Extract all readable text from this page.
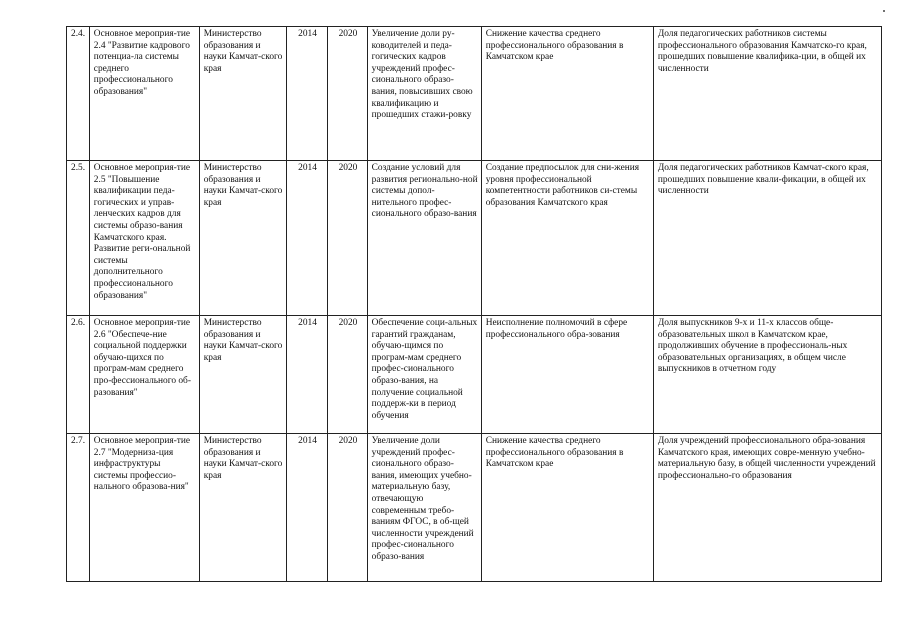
2.4.	Основное мероприя-тие 2.4 "Развитие кадрового потенциа-ла системы среднего профессионального образования"	Министерство образования и науки Камчат-ского края	2014	2020	Увеличение доли ру-ководителей и педа-гогических кадров учреждений профес-сионального образо-вания, повысивших свою квалификацию и прошедших стажи-ровку	Снижение качества среднего профессионального образования в Камчатском крае	Доля педагогических работников системы профессионального образования Камчатско-го края, прошедших повышение квалифика-ции, в общей их численности
2.5.	Основное мероприя-тие 2.5 "Повышение квалификации педа-гогических и управ-ленческих кадров для системы образо-вания Камчатского края. Развитие реги-ональной системы дополнительного профессионального образования"	Министерство образования и науки Камчат-ского края	2014	2020	Создание условий для развития регионально-ной системы допол-нительного профес-сионального образо-вания	Создание предпосылок для сни-жения уровня профессиональной компетентности работников си-стемы образования Камчатского края	Доля педагогических работников Камчат-ского края, прошедших повышение квали-фикации, в общей их численности
2.6.	Основное мероприя-тие 2.6 "Обеспече-ние социальной поддержки обучаю-щихся по програм-мам среднего про-фессионального об-разования"	Министерство образования и науки Камчат-ского края	2014	2020	Обеспечение соци-альных гарантий гражданам, обучаю-щимся по програм-мам среднего профес-сионального образо-вания, на получение социальной поддерж-ки в период обучения	Неисполнение полномочий в сфере профессионального обра-зования	Доля выпускников 9-х и 11-х классов обще-образовательных школ в Камчатском крае, продолживших обучение в профессиональ-ных образовательных организациях, в общем числе выпускников в отчетном году
2.7.	Основное мероприя-тие 2.7 "Модерниза-ция инфраструктуры системы профессио-нального образова-ния"	Министерство образования и науки Камчат-ского края	2014	2020	Увеличение доли учреждений профес-сионального образо-вания, имеющих учебно-материальную базу, отвечающую современным требо-ваниям ФГОС, в об-щей численности учреждений профес-сионального образо-вания	Снижение качества среднего профессионального образования в Камчатском крае	Доля учреждений профессионального обра-зования Камчатского края, имеющих совре-менную учебно-материальную базу, в общей численности учреждений профессионально-го образования
